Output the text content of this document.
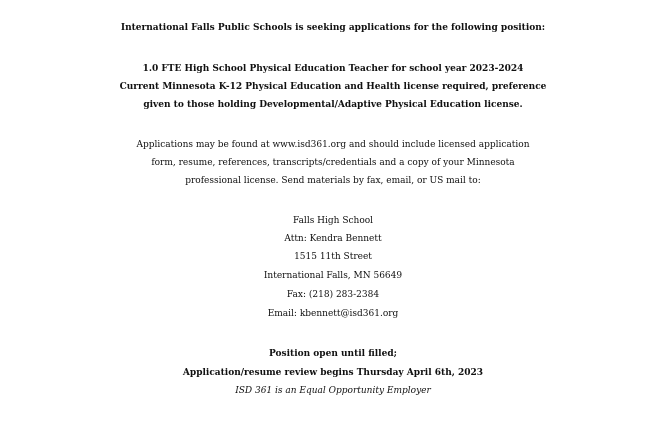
International Falls Public Schools is seeking applications for the following position:
1.0 FTE High School Physical Education Teacher for school year 2023-2024
Current Minnesota K-12 Physical Education and Health license required, preference
given to those holding Developmental/Adaptive Physical Education license.
Applications may be found at www.isd361.org and should include licensed application
form, resume, references, transcripts/credentials and a copy of your Minnesota
professional license. Send materials by fax, email, or US mail to:
Falls High School
Attn: Kendra Bennett
1515 11th Street
International Falls, MN 56649
Fax: (218) 283-2384
Email: kbennett@isd361.org
Position open until filled;
Application/resume review begins Thursday April 6th, 2023
ISD 361 is an Equal Opportunity Employer
